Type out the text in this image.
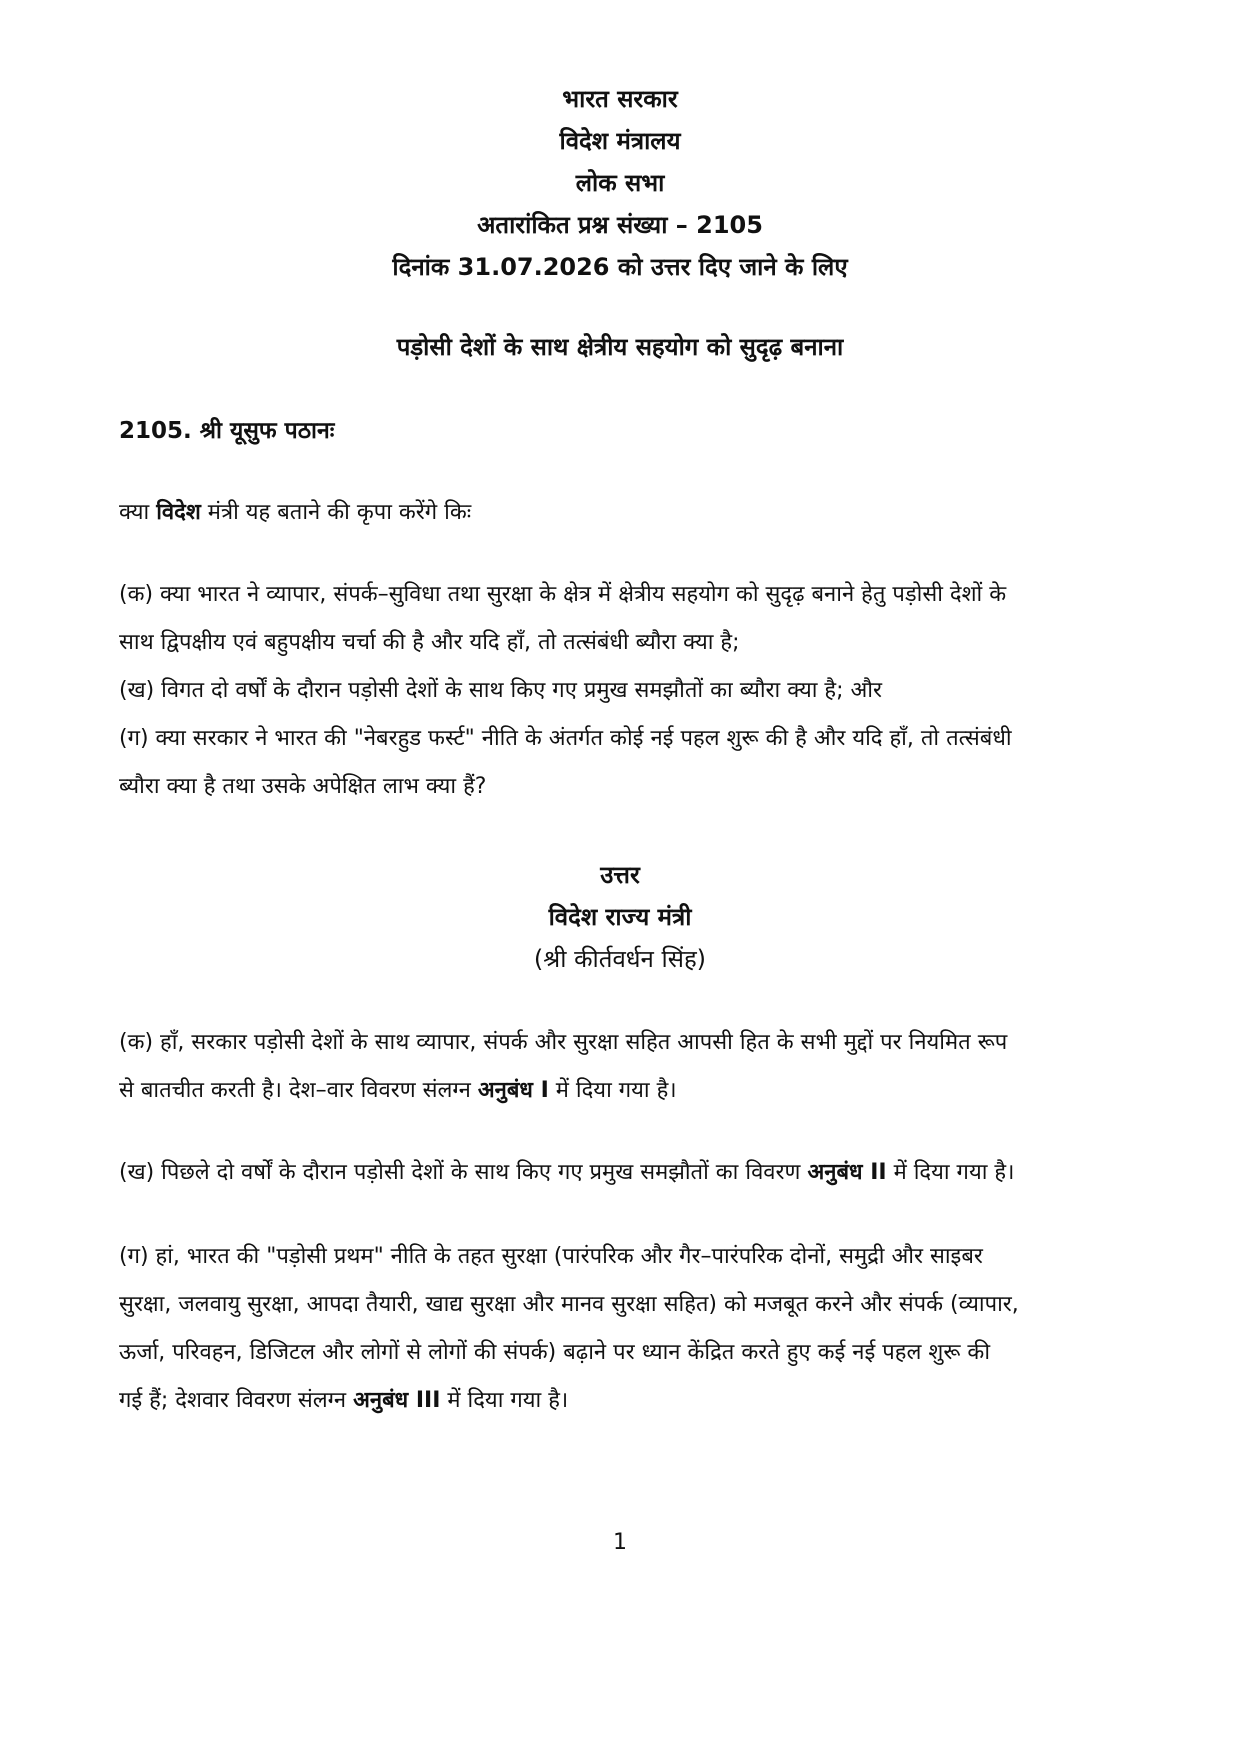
भारत सरकार
विदेश मंत्रालय
लोक सभा
अतारांकित प्रश्न संख्या – 2105
दिनांक 31.07.2026 को उत्तर दिए जाने के लिए
पड़ोसी देशों के साथ क्षेत्रीय सहयोग को सुदृढ़ बनाना
2105. श्री यूसुफ पठानः
क्या विदेश मंत्री यह बताने की कृपा करेंगे किः
(क) क्या भारत ने व्यापार, संपर्क–सुविधा तथा सुरक्षा के क्षेत्र में क्षेत्रीय सहयोग को सुदृढ़ बनाने हेतु पड़ोसी देशों के
साथ द्विपक्षीय एवं बहुपक्षीय चर्चा की है और यदि हाँ, तो तत्संबंधी ब्यौरा क्या है;
(ख) विगत दो वर्षों के दौरान पड़ोसी देशों के साथ किए गए प्रमुख समझौतों का ब्यौरा क्या है; और
(ग) क्या सरकार ने भारत की "नेबरहुड फर्स्ट" नीति के अंतर्गत कोई नई पहल शुरू की है और यदि हाँ, तो तत्संबंधी
ब्यौरा क्या है तथा उसके अपेक्षित लाभ क्या हैं?
उत्तर
विदेश राज्य मंत्री
(श्री कीर्तवर्धन सिंह)
(क) हाँ, सरकार पड़ोसी देशों के साथ व्यापार, संपर्क और सुरक्षा सहित आपसी हित के सभी मुद्दों पर नियमित रूप
से बातचीत करती है। देश–वार विवरण संलग्न अनुबंध I में दिया गया है।
(ख) पिछले दो वर्षों के दौरान पड़ोसी देशों के साथ किए गए प्रमुख समझौतों का विवरण अनुबंध II में दिया गया है।
(ग) हां, भारत की "पड़ोसी प्रथम" नीति के तहत सुरक्षा (पारंपरिक और गैर–पारंपरिक दोनों, समुद्री और साइबर
सुरक्षा, जलवायु सुरक्षा, आपदा तैयारी, खाद्य सुरक्षा और मानव सुरक्षा सहित) को मजबूत करने और संपर्क (व्यापार,
ऊर्जा, परिवहन, डिजिटल और लोगों से लोगों की संपर्क) बढ़ाने पर ध्यान केंद्रित करते हुए कई नई पहल शुरू की
गई हैं; देशवार विवरण संलग्न अनुबंध III में दिया गया है।
1
